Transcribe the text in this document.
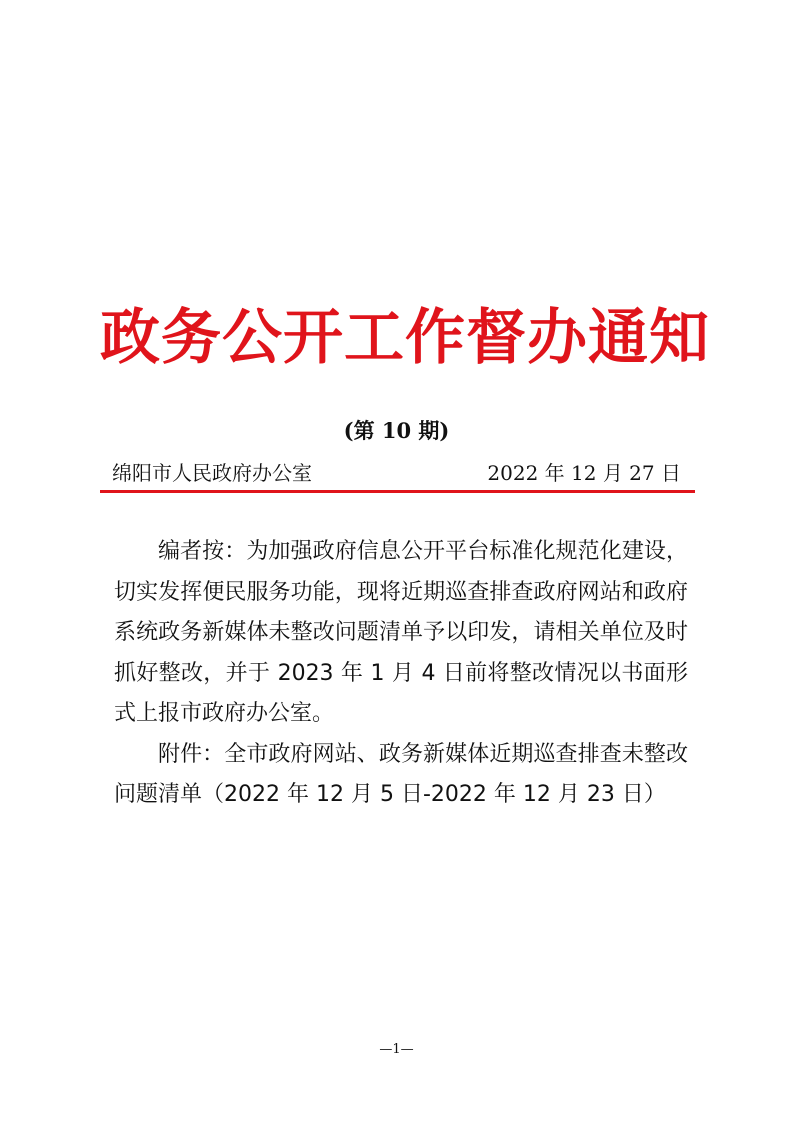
政务公开工作督办通知
(第 10 期)
绵阳市人民政府办公室	2022 年 12 月 27 日

编者按：为加强政府信息公开平台标准化规范化建设，切实发挥便民服务功能，现将近期巡查排查政府网站和政府系统政务新媒体未整改问题清单予以印发，请相关单位及时抓好整改，并于 2023 年 1 月 4 日前将整改情况以书面形式上报市政府办公室。

附件：全市政府网站、政务新媒体近期巡查排查未整改问题清单（2022 年 12 月 5 日-2022 年 12 月 23 日）

—1—
